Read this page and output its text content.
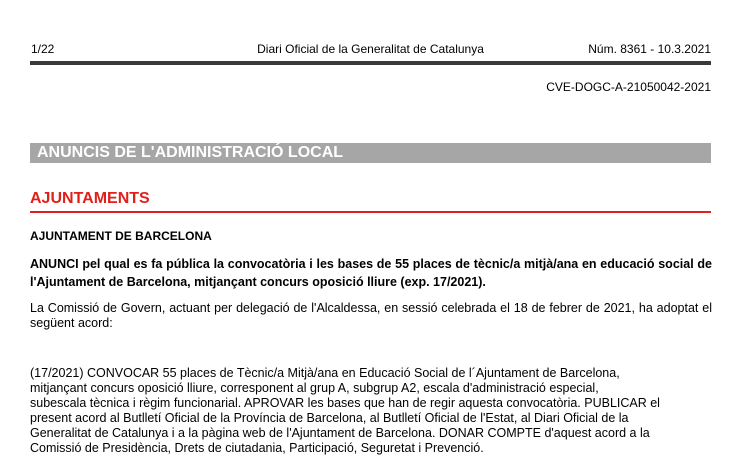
1/22	Diari Oficial de la Generalitat de Catalunya	Núm. 8361 - 10.3.2021
CVE-DOGC-A-21050042-2021
ANUNCIS DE L'ADMINISTRACIÓ LOCAL
AJUNTAMENTS
AJUNTAMENT DE BARCELONA
ANUNCI pel qual es fa pública la convocatòria i les bases de 55 places de tècnic/a mitjà/ana en educació social de l'Ajuntament de Barcelona, mitjançant concurs oposició lliure (exp. 17/2021).
La Comissió de Govern, actuant per delegació de l'Alcaldessa, en sessió celebrada el 18 de febrer de 2021, ha adoptat el següent acord:
(17/2021) CONVOCAR 55 places de Tècnic/a Mitjà/ana en Educació Social de l´Ajuntament de Barcelona,
mitjançant concurs oposició lliure, corresponent al grup A, subgrup A2, escala d'administració especial,
subescala tècnica i règim funcionarial. APROVAR les bases que han de regir aquesta convocatòria. PUBLICAR el
present acord al Butlletí Oficial de la Província de Barcelona, al Butlletí Oficial de l'Estat, al Diari Oficial de la
Generalitat de Catalunya i a la pàgina web de l'Ajuntament de Barcelona. DONAR COMPTE d'aquest acord a la
Comissió de Presidència, Drets de ciutadania, Participació, Seguretat i Prevenció.
